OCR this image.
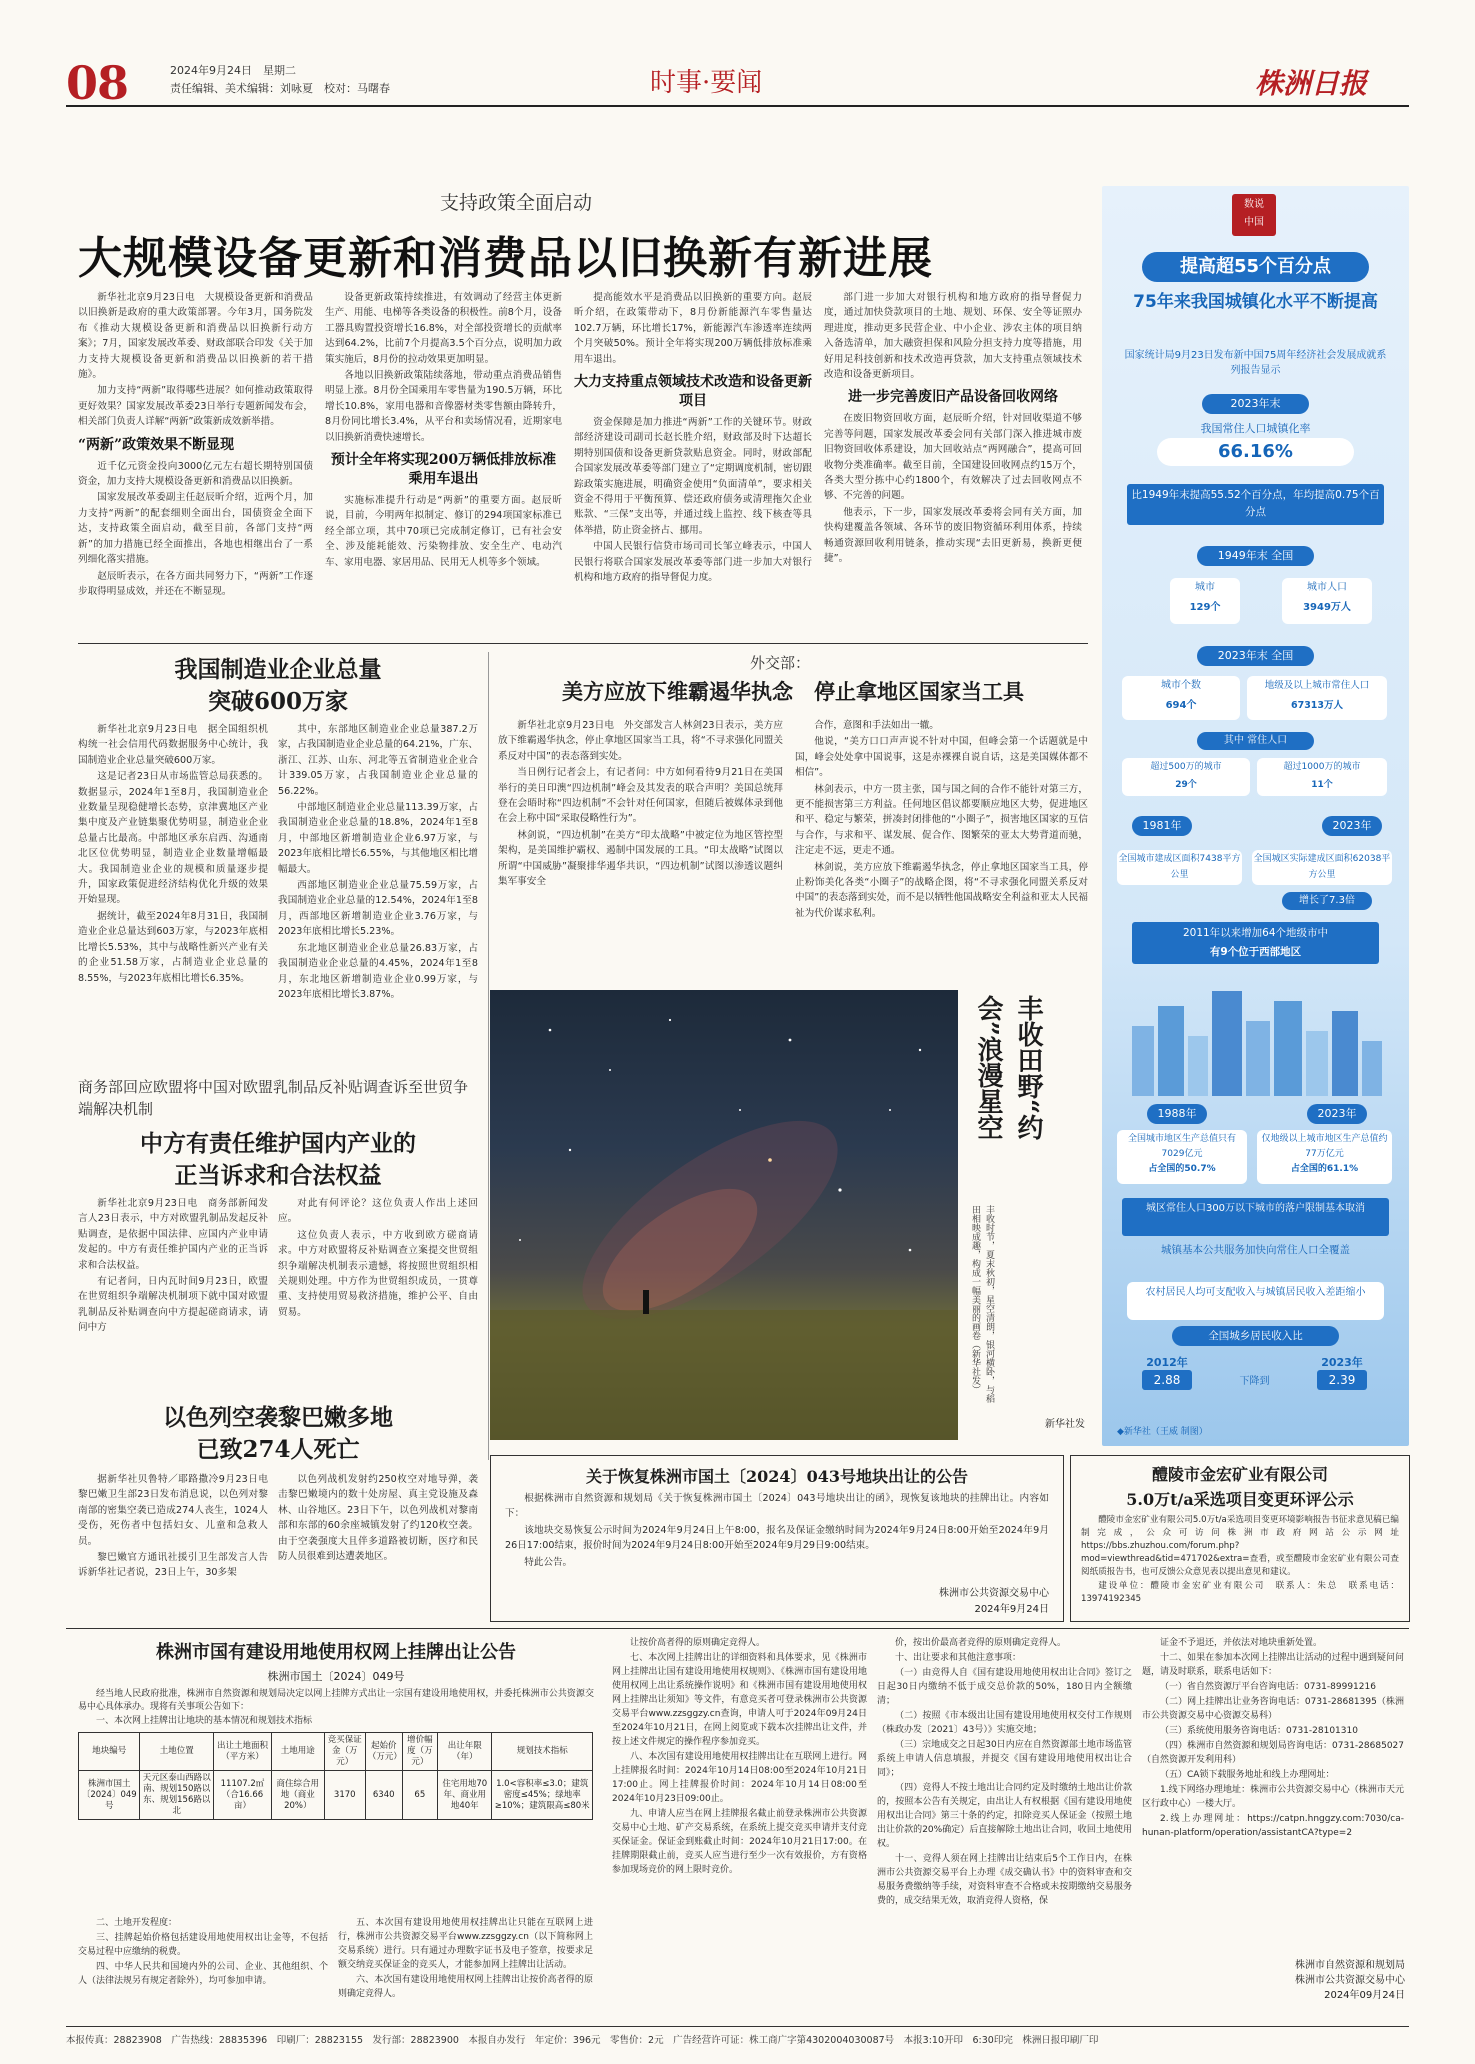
08	2024年9月24日　星期二
责任编辑、美术编辑：刘咏夏　校对：马曙春	时事·要闻	株洲日报
支持政策全面启动
大规模设备更新和消费品以旧换新有新进展

新华社北京9月23日电　大规模设备更新和消费品以旧换新是政府的重大政策部署。今年3月，国务院发布《推动大规模设备更新和消费品以旧换新行动方案》；7月，国家发展改革委、财政部联合印发《关于加力支持大规模设备更新和消费品以旧换新的若干措施》。

加力支持“两新”取得哪些进展？如何推动政策取得更好效果？国家发展改革委23日举行专题新闻发布会，相关部门负责人详解“两新”政策新成效新举措。

“两新”政策效果不断显现

近千亿元资金投向3000亿元左右超长期特别国债资金，加力支持大规模设备更新和消费品以旧换新。

国家发展改革委副主任赵辰昕介绍，近两个月，加力支持“两新”的配套细则全面出台，国债资金全面下达，支持政策全面启动，截至目前，各部门支持“两新”的加力措施已经全面推出，各地也相继出台了一系列细化落实措施。

赵辰昕表示，在各方面共同努力下，“两新”工作逐步取得明显成效，并还在不断显现。

设备更新政策持续推进，有效调动了经营主体更新生产、用能、电梯等各类设备的积极性。前8个月，设备工器具购置投资增长16.8%，对全部投资增长的贡献率达到64.2%，比前7个月提高3.5个百分点，说明加力政策实施后，8月份的拉动效果更加明显。

各地以旧换新政策陆续落地，带动重点消费品销售明显上涨。8月份全国乘用车零售量为190.5万辆，环比增长10.8%，家用电器和音像器材类零售额由降转升，8月份同比增长3.4%，从平台和卖场情况看，近期家电以旧换新消费快速增长。

预计全年将实现200万辆低排放标准乘用车退出

实施标准提升行动是“两新”的重要方面。赵辰昕说，目前，今明两年拟制定、修订的294项国家标准已经全部立项，其中70项已完成制定修订，已有社会安全、涉及能耗能效、污染物排放、安全生产、电动汽车、家用电器、家居用品、民用无人机等多个领域。

提高能效水平是消费品以旧换新的重要方向。赵辰昕介绍，在政策带动下，8月份新能源汽车零售量达102.7万辆，环比增长17%，新能源汽车渗透率连续两个月突破50%。预计全年将实现200万辆低排放标准乘用车退出。

大力支持重点领域技术改造和设备更新项目

资金保障是加力推进“两新”工作的关键环节。财政部经济建设司副司长赵长胜介绍，财政部及时下达超长期特别国债和设备更新贷款贴息资金。同时，财政部配合国家发展改革委等部门建立了“定期调度机制，密切跟踪政策实施进展，明确资金使用“负面清单”，要求相关资金不得用于平衡预算、偿还政府债务或清理拖欠企业账款、“三保”支出等，并通过线上监控、线下核查等具体举措，防止资金挤占、挪用。

中国人民银行信贷市场司司长邹立峰表示，中国人民银行将联合国家发展改革委等部门进一步加大对银行机构和地方政府的指导督促力度。

部门进一步加大对银行机构和地方政府的指导督促力度，通过加快贷款项目的土地、规划、环保、安全等证照办理进度，推动更多民营企业、中小企业、涉农主体的项目纳入备选清单，加大融资担保和风险分担支持力度等措施，用好用足科技创新和技术改造再贷款，加大支持重点领域技术改造和设备更新项目。

进一步完善废旧产品设备回收网络

在废旧物资回收方面，赵辰昕介绍，针对回收渠道不够完善等问题，国家发展改革委会同有关部门深入推进城市废旧物资回收体系建设，加大回收站点“两网融合”，提高可回收物分类准确率。截至目前，全国建设回收网点约15万个，各类大型分拣中心约1800个，有效解决了过去回收网点不够、不完善的问题。

他表示，下一步，国家发展改革委将会同有关方面，加快构建覆盖各领域、各环节的废旧物资循环利用体系，持续畅通资源回收利用链条，推动实现“去旧更新易，换新更便捷”。

我国制造业企业总量
突破600万家

新华社北京9月23日电　据全国组织机构统一社会信用代码数据服务中心统计，我国制造业企业总量突破600万家。

这是记者23日从市场监管总局获悉的。数据显示，2024年1至8月，我国制造业企业数量呈现稳健增长态势，京津冀地区产业集中度及产业链集聚优势明显，制造业企业总量占比最高。中部地区承东启西、沟通南北区位优势明显，制造业企业数量增幅最大。我国制造业企业的规模和质量逐步提升，国家政策促进经济结构优化升级的效果开始显现。

据统计，截至2024年8月31日，我国制造业企业总量达到603万家，与2023年底相比增长5.53%，其中与战略性新兴产业有关的企业51.58万家，占制造业企业总量的8.55%，与2023年底相比增长6.35%。

其中，东部地区制造业企业总量387.2万家，占我国制造业企业总量的64.21%，广东、浙江、江苏、山东、河北等五省制造业企业合计339.05万家，占我国制造业企业总量的56.22%。

中部地区制造业企业总量113.39万家，占我国制造业企业总量的18.8%，2024年1至8月，中部地区新增制造业企业6.97万家，与2023年底相比增长6.55%，与其他地区相比增幅最大。

西部地区制造业企业总量75.59万家，占我国制造业企业总量的12.54%，2024年1至8月，西部地区新增制造业企业3.76万家，与2023年底相比增长5.23%。

东北地区制造业企业总量26.83万家，占我国制造业企业总量的4.45%，2024年1至8月，东北地区新增制造业企业0.99万家，与2023年底相比增长3.87%。

外交部：
美方应放下维霸遏华执念　停止拿地区国家当工具

新华社北京9月23日电　外交部发言人林剑23日表示，美方应放下维霸遏华执念，停止拿地区国家当工具，将“不寻求强化同盟关系反对中国”的表态落到实处。

当日例行记者会上，有记者问：中方如何看待9月21日在美国举行的美日印澳“四边机制”峰会及其发表的联合声明？美国总统拜登在会晤时称“四边机制”不会针对任何国家，但随后被媒体录到他在会上称中国“采取侵略性行为”。

林剑说，“四边机制”在美方“印太战略”中被定位为地区管控型架构，是美国维护霸权、遏制中国发展的工具。“印太战略”试图以所谓“中国威胁”凝聚排华遏华共识，“四边机制”试图以渗透议题纠集军事安全

合作，意图和手法如出一辙。

他说，“美方口口声声说不针对中国，但峰会第一个话题就是中国，峰会处处拿中国说事，这是赤裸裸自说自话，这是美国媒体都不相信”。

林剑表示，中方一贯主张，国与国之间的合作不能针对第三方，更不能损害第三方利益。任何地区倡议都要顺应地区大势，促进地区和平、稳定与繁荣，拼凑封闭排他的“小圈子”，损害地区国家的互信与合作，与求和平、谋发展、促合作、图繁荣的亚太大势背道而驰，注定走不远，更走不通。

林剑说，美方应放下维霸遏华执念，停止拿地区国家当工具，停止粉饰美化各类“小圈子”的战略企图，将“不寻求强化同盟关系反对中国”的表态落到实处，而不是以牺牲他国战略安全利益和亚太人民福祉为代价谋求私利。

丰收田野“约会”浪漫星空
丰收时节，夏末秋初，星空清朗，银河横卧，与稻田相映成趣，构成一幅美丽的画卷（新华社发）
新华社发
商务部回应欧盟将中国对欧盟乳制品反补贴调查诉至世贸争端解决机制
中方有责任维护国内产业的
正当诉求和合法权益

新华社北京9月23日电　商务部新闻发言人23日表示，中方对欧盟乳制品发起反补贴调查，是依据中国法律、应国内产业申请发起的。中方有责任维护国内产业的正当诉求和合法权益。

有记者问，日内瓦时间9月23日，欧盟在世贸组织争端解决机制项下就中国对欧盟乳制品反补贴调查向中方提起磋商请求，请问中方

对此有何评论？这位负责人作出上述回应。

这位负责人表示，中方收到欧方磋商请求。中方对欧盟将反补贴调查立案提交世贸组织争端解决机制表示遗憾，将按照世贸组织相关规则处理。中方作为世贸组织成员，一贯尊重、支持使用贸易救济措施，维护公平、自由贸易。

以色列空袭黎巴嫩多地
已致274人死亡

据新华社贝鲁特／耶路撒冷9月23日电　黎巴嫩卫生部23日发布消息说，以色列对黎南部的密集空袭已造成274人丧生，1024人受伤，死伤者中包括妇女、儿童和急救人员。

黎巴嫩官方通讯社援引卫生部发言人告诉新华社记者说，23日上午，30多架

以色列战机发射约250枚空对地导弹，袭击黎巴嫩境内的数十处房屋、真主党设施及森林、山谷地区。23日下午，以色列战机对黎南部和东部的60余座城镇发射了约120枚空袭。由于空袭强度大且伴多道路被切断，医疗和民防人员很难到达遭袭地区。

关于恢复株洲市国土〔2024〕043号地块出让的公告

根据株洲市自然资源和规划局《关于恢复株洲市国土〔2024〕043号地块出让的函》，现恢复该地块的挂牌出让。内容如下：

该地块交易恢复公示时间为2024年9月24日上午8:00，报名及保证金缴纳时间为2024年9月24日8:00开始至2024年9月26日17:00结束，报价时间为2024年9月24日8:00开始至2024年9月29日9:00结束。

特此公告。

株洲市公共资源交易中心
2024年9月24日
醴陵市金宏矿业有限公司
5.0万t/a采选项目变更环评公示

醴陵市金宏矿业有限公司5.0万t/a采选项目变更环境影响报告书征求意见稿已编制完成，公众可访问株洲市政府网站公示网址https://bbs.zhuzhou.com/forum.php?mod=viewthread&tid=471702&extra=查看，或至醴陵市金宏矿业有限公司查阅纸质报告书，也可反馈公众意见表以提出意见和建议。

建设单位：醴陵市金宏矿业有限公司　联系人：朱总　联系电话：13974192345

数说
中国
提高超55个百分点
75年来我国城镇化水平不断提高
国家统计局9月23日发布新中国75周年经济社会发展成就系列报告显示
2023年末
我国常住人口城镇化率
66.16%
比1949年末提高55.52个百分点，年均提高0.75个百分点
1949年末 全国
城市
129个
城市人口
3949万人
2023年末 全国
城市个数
694个
地级及以上城市常住人口
67313万人
其中 常住人口
超过500万的城市
29个
超过1000万的城市
11个
1981年	2023年
全国城市建成区面积7438平方公里
全国城区实际建成区面积62038平方公里
增长了7.3倍
2011年以来增加64个地级市中
有9个位于西部地区
1988年	2023年
全国城市地区生产总值只有7029亿元
占全国的50.7%
仅地级以上城市地区生产总值约77万亿元
占全国的61.1%
城区常住人口300万以下城市的落户限制基本取消
城镇基本公共服务加快向常住人口全覆盖
农村居民人均可支配收入与城镇居民收入差距缩小
全国城乡居民收入比
2012年
2.88	下降到
2023年
2.39
◆新华社（王威 制图）
株洲市国有建设用地使用权网上挂牌出让公告
株洲市国土〔2024〕049号

经当地人民政府批准，株洲市自然资源和规划局决定以网上挂牌方式出让一宗国有建设用地使用权，并委托株洲市公共资源交易中心具体承办。现将有关事项公告如下：

一、本次网上挂牌出让地块的基本情况和规划技术指标

地块编号	土地位置	出让土地面积（平方米）	土地用途	竞买保证金（万元）	起始价（万元）	增价幅度（万元）	出让年限（年）	规划技术指标
株洲市国土〔2024〕049号	天元区泰山西路以南、规划150路以东、规划156路以北	11107.2㎡（合16.66亩）	商住综合用地（商业20%）	3170	6340	65	住宅用地70年、商业用地40年	1.0<容积率≤3.0；建筑密度≤45%；绿地率≥10%；建筑限高≤80米

二、土地开发程度：

三、挂牌起始价格包括建设用地使用权出让金等，不包括交易过程中应缴纳的税费。

四、中华人民共和国境内外的公司、企业、其他组织、个人（法律法规另有规定者除外），均可参加申请。

五、本次国有建设用地使用权挂牌出让只能在互联网上进行，株洲市公共资源交易平台www.zzsggzy.cn（以下简称网上交易系统）进行。只有通过办理数字证书及电子签章，按要求足额交纳竞买保证金的竞买人，才能参加网上挂牌出让活动。

六、本次国有建设用地使用权网上挂牌出让按价高者得的原则确定竞得人。

让按价高者得的原则确定竞得人。

七、本次网上挂牌出让的详细资料和具体要求，见《株洲市网上挂牌出让国有建设用地使用权规则》、《株洲市国有建设用地使用权网上出让系统操作说明》和《株洲市国有建设用地使用权网上挂牌出让须知》等文件，有意竞买者可登录株洲市公共资源交易平台www.zzsggzy.cn查询，申请人可于2024年09月24日至2024年10月21日，在网上阅览或下载本次挂牌出让文件，并按上述文件规定的操作程序参加竞买。

八、本次国有建设用地使用权挂牌出让在互联网上进行。网上挂牌报名时间：2024年10月14日08:00至2024年10月21日17:00止。网上挂牌报价时间：2024年10月14日08:00至2024年10月23日09:00止。

九、申请人应当在网上挂牌报名截止前登录株洲市公共资源交易中心土地、矿产交易系统，在系统上提交竞买申请并支付竞买保证金。保证金到账截止时间：2024年10月21日17:00。在挂牌期限截止前，竞买人应当进行至少一次有效报价，方有资格参加现场竞价的网上限时竞价。

价，按出价最高者竞得的原则确定竞得人。

十、出让要求和其他注意事项：

（一）由竞得人自《国有建设用地使用权出让合同》签订之日起30日内缴纳不低于成交总价款的50%，180日内全额缴清；

（二）按照《市本级出让国有建设用地使用权交付工作规则（株政办发〔2021〕43号）》实施交地；

（三）宗地成交之日起30日内应在自然资源部土地市场监管系统上申请人信息填报，并提交《国有建设用地使用权出让合同》；

（四）竞得人不按土地出让合同约定及时缴纳土地出让价款的，按照本公告有关规定，由出让人有权根据《国有建设用地使用权出让合同》第三十条的约定，扣除竞买人保证金（按照土地出让价款的20%确定）后直接解除土地出让合同，收回土地使用权。

十一、竞得人须在网上挂牌出让结束后5个工作日内，在株洲市公共资源交易平台上办理《成交确认书》中的资料审查和交易服务费缴纳等手续，对资料审查不合格或未按期缴纳交易服务费的，成交结果无效，取消竞得人资格，保

证金不予退还，并依法对地块重新处置。

十二、如果在参加本次网上挂牌出让活动的过程中遇到疑问问题，请及时联系，联系电话如下：

（一）省自然资源厅平台咨询电话：0731-89991216

（二）网上挂牌出让业务咨询电话：0731-28681395（株洲市公共资源交易中心资源交易科）

（三）系统使用服务咨询电话：0731-28101310

（四）株洲市自然资源和规划局咨询电话：0731-28685027（自然资源开发利用科）

（五）CA锁下载服务地址和线上办理网址：

1.线下网络办理地址：株洲市公共资源交易中心（株洲市天元区行政中心）一楼大厅。

2.线上办理网址：https://catpn.hnggzy.com:7030/ca-hunan-platform/operation/assistantCA?type=2

株洲市自然资源和规划局
株洲市公共资源交易中心
2024年09月24日
本报传真：28823908　广告热线：28835396　印刷厂：28823155　发行部：28823900　本报自办发行　年定价：396元　零售价：2元　广告经营许可证：株工商广字第4302004030087号　本报3:10开印　6:30印完　株洲日报印刷厂印
